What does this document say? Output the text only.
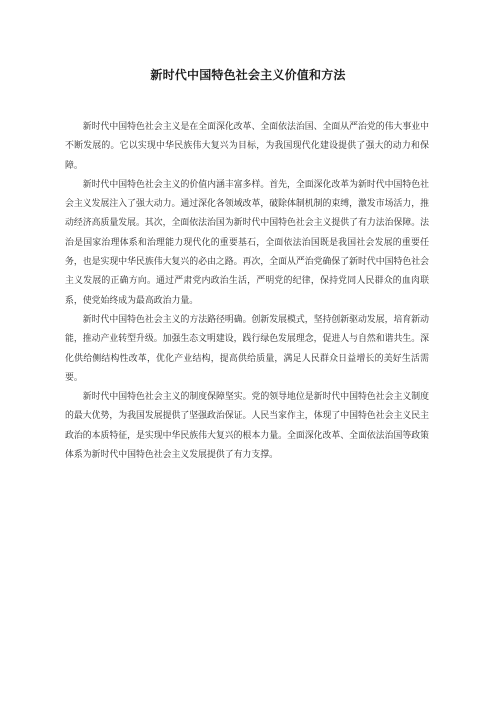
新时代中国特色社会主义价值和方法

新时代中国特色社会主义是在全面深化改革、全面依法治国、全面从严治党的伟大事业中不断发展的。它以实现中华民族伟大复兴为目标，为我国现代化建设提供了强大的动力和保障。

新时代中国特色社会主义的价值内涵丰富多样。首先，全面深化改革为新时代中国特色社会主义发展注入了强大动力。通过深化各领域改革，破除体制机制的束缚，激发市场活力，推动经济高质量发展。其次，全面依法治国为新时代中国特色社会主义提供了有力法治保障。法治是国家治理体系和治理能力现代化的重要基石，全面依法治国既是我国社会发展的重要任务，也是实现中华民族伟大复兴的必由之路。再次，全面从严治党确保了新时代中国特色社会主义发展的正确方向。通过严肃党内政治生活，严明党的纪律，保持党同人民群众的血肉联系，使党始终成为最高政治力量。

新时代中国特色社会主义的方法路径明确。创新发展模式，坚持创新驱动发展，培育新动能，推动产业转型升级。加强生态文明建设，践行绿色发展理念，促进人与自然和谐共生。深化供给侧结构性改革，优化产业结构，提高供给质量，满足人民群众日益增长的美好生活需要。

新时代中国特色社会主义的制度保障坚实。党的领导地位是新时代中国特色社会主义制度的最大优势，为我国发展提供了坚强政治保证。人民当家作主，体现了中国特色社会主义民主政治的本质特征，是实现中华民族伟大复兴的根本力量。全面深化改革、全面依法治国等政策体系为新时代中国特色社会主义发展提供了有力支撑。
